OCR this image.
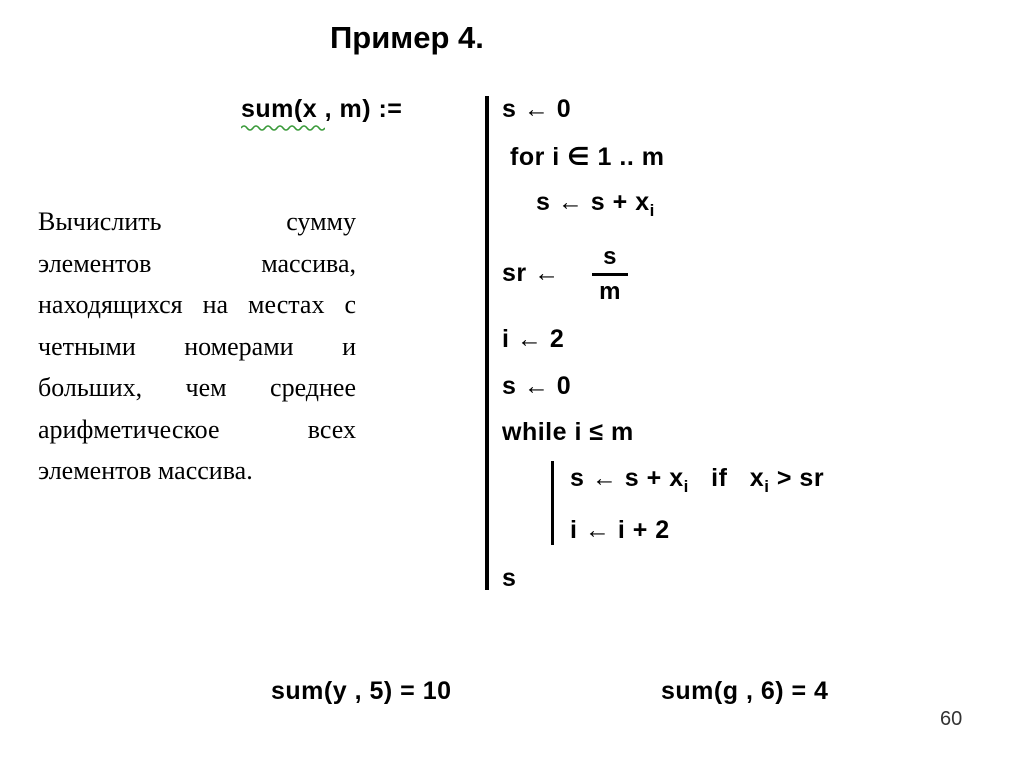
Пример 4.
sum(x , m) :=	s ← 0
for i ∈ 1 .. m
s ← $s + x_i$
sr ←
s
m
i ← 2
s ← 0
while i ≤ m
s ← $s + x_i$   if   $x_i$ > sr
i ← i + 2
s
Вычислить сумму элементов массива, находящихся на местах с четными номерами и больших, чем среднее арифметическое всех элементов массива.
sum(y , 5) = 10	sum(g , 6) = 4
60
